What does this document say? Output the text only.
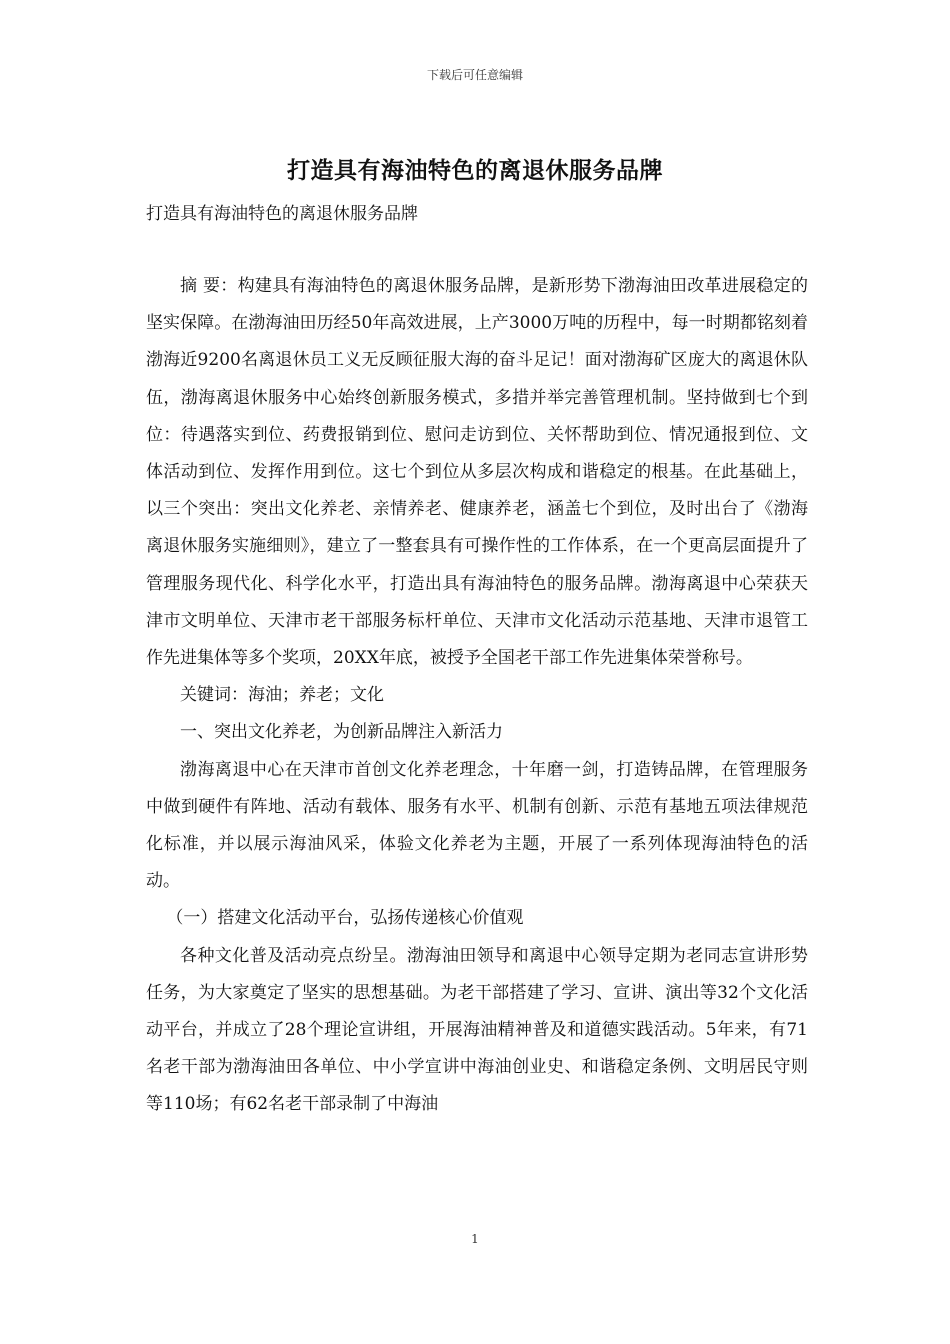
下载后可任意编辑
打造具有海油特色的离退休服务品牌
打造具有海油特色的离退休服务品牌

摘 要：构建具有海油特色的离退休服务品牌，是新形势下渤海油田改革进展稳定的坚实保障。在渤海油田历经50年高效进展，上产3000万吨的历程中，每一时期都铭刻着渤海近9200名离退休员工义无反顾征服大海的奋斗足记！面对渤海矿区庞大的离退休队伍，渤海离退休服务中心始终创新服务模式，多措并举完善管理机制。坚持做到七个到位：待遇落实到位、药费报销到位、慰问走访到位、关怀帮助到位、情况通报到位、文体活动到位、发挥作用到位。这七个到位从多层次构成和谐稳定的根基。在此基础上，以三个突出：突出文化养老、亲情养老、健康养老，涵盖七个到位，及时出台了《渤海离退休服务实施细则》，建立了一整套具有可操作性的工作体系，在一个更高层面提升了管理服务现代化、科学化水平，打造出具有海油特色的服务品牌。渤海离退中心荣获天津市文明单位、天津市老干部服务标杆单位、天津市文化活动示范基地、天津市退管工作先进集体等多个奖项，20XX年底，被授予全国老干部工作先进集体荣誉称号。

关键词：海油；养老；文化

一、突出文化养老，为创新品牌注入新活力

渤海离退中心在天津市首创文化养老理念，十年磨一剑，打造铸品牌，在管理服务中做到硬件有阵地、活动有载体、服务有水平、机制有创新、示范有基地五项法律规范化标准，并以展示海油风采，体验文化养老为主题，开展了一系列体现海油特色的活动。

（一）搭建文化活动平台，弘扬传递核心价值观

各种文化普及活动亮点纷呈。渤海油田领导和离退中心领导定期为老同志宣讲形势任务，为大家奠定了坚实的思想基础。为老干部搭建了学习、宣讲、演出等32个文化活动平台，并成立了28个理论宣讲组，开展海油精神普及和道德实践活动。5年来，有71名老干部为渤海油田各单位、中小学宣讲中海油创业史、和谐稳定条例、文明居民守则等110场；有62名老干部录制了中海油

1
